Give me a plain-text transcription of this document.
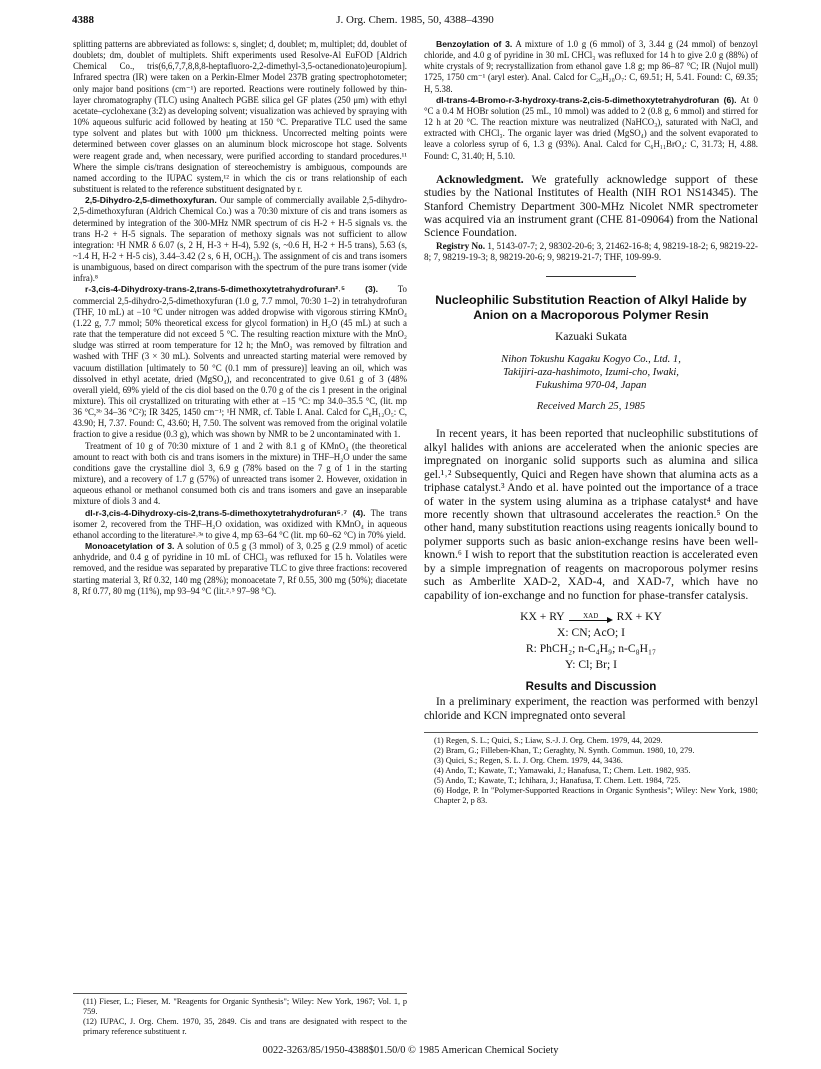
4388	J. Org. Chem. 1985, 50, 4388–4390

splitting patterns are abbreviated as follows: s, singlet; d, doublet; m, multiplet; dd, doublet of doublets; dm, doublet of multiplets. Shift experiments used Resolve-Al EuFOD [Aldrich Chemical Co., tris(6,6,7,7,8,8,8-heptafluoro-2,2-dimethyl-3,5-octanedionato)europium]. Infrared spectra (IR) were taken on a Perkin-Elmer Model 237B grating spectrophotometer; only major band positions (cm⁻¹) are reported. Reactions were routinely followed by thin-layer chromatography (TLC) using Analtech PGBE silica gel GF plates (250 μm) with ethyl acetate–cyclohexane (3:2) as developing solvent; visualization was achieved by spraying with 10% aqueous sulfuric acid followed by heating at 150 °C. Preparative TLC used the same type solvent and plates but with 1000 μm thickness. Uncorrected melting points were determined between cover glasses on an aluminum block microscope hot stage. Solvents were reagent grade and, when necessary, were purified according to standard procedures.¹¹ Where the simple cis/trans designation of stereochemistry is ambiguous, compounds are named according to the IUPAC system,¹² in which the cis or trans relationship of each substituent is related to the reference substituent designated by r.

2,5-Dihydro-2,5-dimethoxyfuran. Our sample of commercially available 2,5-dihydro-2,5-dimethoxyfuran (Aldrich Chemical Co.) was a 70:30 mixture of cis and trans isomers as determined by integration of the 300-MHz NMR spectrum of cis H-2 + H-5 signals vs. the trans H-2 + H-5 signals. The separation of methoxy signals was not sufficient to allow integration: ¹H NMR δ 6.07 (s, 2 H, H-3 + H-4), 5.92 (s, ~0.6 H, H-2 + H-5 trans), 5.63 (s, ~1.4 H, H-2 + H-5 cis), 3.44–3.42 (2 s, 6 H, OCH₃). The assignment of cis and trans isomers is unambiguous, based on direct comparison with the spectrum of the pure trans isomer (vide infra).⁸

r-3,cis-4-Dihydroxy-trans-2,trans-5-dimethoxytetrahydrofuran²˒⁵ (3). To commercial 2,5-dihydro-2,5-dimethoxyfuran (1.0 g, 7.7 mmol, 70:30 1–2) in tetrahydrofuran (THF, 10 mL) at −10 °C under nitrogen was added dropwise with vigorous stirring KMnO₄ (1.22 g, 7.7 mmol; 50% theoretical excess for glycol formation) in H₂O (45 mL) at such a rate that the temperature did not exceed 5 °C. The resulting reaction mixture with the MnO₂ sludge was stirred at room temperature for 12 h; the MnO₂ was removed by filtration and washed with THF (3 × 30 mL). Solvents and unreacted starting material were removed by vacuum distillation [ultimately to 50 °C (0.1 mm of pressure)] leaving an oil, which was dissolved in ethyl acetate, dried (MgSO₄), and reconcentrated to give 0.61 g of 3 (48% overall yield, 69% yield of the cis diol based on the 0.70 g of the cis 1 present in the original mixture). This oil crystallized on triturating with ether at −15 °C: mp 34.0–35.5 °C, (lit. mp 36 °C,³ᵇ 34–36 °C²); IR 3425, 1450 cm⁻¹; ¹H NMR, cf. Table I. Anal. Calcd for C₆H₁₂O₅: C, 43.90; H, 7.37. Found: C, 43.60; H, 7.50. The solvent was removed from the original volatile fraction to give a residue (0.3 g), which was shown by NMR to be 2 uncontaminated with 1.

Treatment of 10 g of 70:30 mixture of 1 and 2 with 8.1 g of KMnO₄ (the theoretical amount to react with both cis and trans isomers in the mixture) in THF–H₂O under the same conditions gave the crystalline diol 3, 6.9 g (78% based on the 7 g of 1 in the starting mixture), and a recovery of 1.7 g (57%) of unreacted trans isomer 2. However, oxidation in aqueous ethanol or methanol consumed both cis and trans isomers and gave an inseparable mixture of diols 3 and 4.

dl-r-3,cis-4-Dihydroxy-cis-2,trans-5-dimethoxytetrahydrofuran⁵˒⁷ (4). The trans isomer 2, recovered from the THF–H₂O oxidation, was oxidized with KMnO₄ in aqueous ethanol according to the literature²˒³ᵃ to give 4, mp 63–64 °C (lit. mp 60–62 °C) in 70% yield.

Monoacetylation of 3. A solution of 0.5 g (3 mmol) of 3, 0.25 g (2.9 mmol) of acetic anhydride, and 0.4 g of pyridine in 10 mL of CHCl₃ was refluxed for 15 h. Volatiles were removed, and the residue was separated by preparative TLC to give three fractions: recovered starting material 3, Rf 0.32, 140 mg (28%); monoacetate 7, Rf 0.55, 300 mg (50%); diacetate 8, Rf 0.77, 80 mg (11%), mp 93–94 °C (lit.²˒⁵ 97–98 °C).

(11) Fieser, L.; Fieser, M. "Reagents for Organic Synthesis"; Wiley: New York, 1967; Vol. 1, p 759.
(12) IUPAC, J. Org. Chem. 1970, 35, 2849. Cis and trans are designated with respect to the primary reference substituent r.

Benzoylation of 3. A mixture of 1.0 g (6 mmol) of 3, 3.44 g (24 mmol) of benzoyl chloride, and 4.0 g of pyridine in 30 mL CHCl₃ was refluxed for 14 h to give 2.0 g (88%) of white crystals of 9; recrystallization from ethanol gave 1.8 g; mp 86–87 °C; IR (Nujol mull) 1725, 1750 cm⁻¹ (aryl ester). Anal. Calcd for C₂₀H₂₀O₇: C, 69.51; H, 5.41. Found: C, 69.35; H, 5.38.

dl-trans-4-Bromo-r-3-hydroxy-trans-2,cis-5-dimethoxytetrahydrofuran (6). At 0 °C a 0.4 M HOBr solution (25 mL, 10 mmol) was added to 2 (0.8 g, 6 mmol) and stirred for 12 h at 20 °C. The reaction mixture was neutralized (NaHCO₃), saturated with NaCl, and extracted with CHCl₃. The organic layer was dried (MgSO₄) and the solvent evaporated to leave a colorless syrup of 6, 1.3 g (93%). Anal. Calcd for C₆H₁₁BrO₄: C, 31.73; H, 4.88. Found: C, 31.40; H, 5.10.

Acknowledgment. We gratefully acknowledge support of these studies by the National Institutes of Health (NIH RO1 NS14345). The Stanford Chemistry Department 300-MHz Nicolet NMR spectrometer was acquired via an instrument grant (CHE 81-09064) from the National Science Foundation.

Registry No. 1, 5143-07-7; 2, 98302-20-6; 3, 21462-16-8; 4, 98219-18-2; 6, 98219-22-8; 7, 98219-19-3; 8, 98219-20-6; 9, 98219-21-7; THF, 109-99-9.

Nucleophilic Substitution Reaction of Alkyl Halide by Anion on a Macroporous Polymer Resin
Kazuaki Sukata
Nihon Tokushu Kagaku Kogyo Co., Ltd. 1,
Takijiri-aza-hashimoto, Izumi-cho, Iwaki,
Fukushima 970-04, Japan
Received March 25, 1985

In recent years, it has been reported that nucleophilic substitutions of alkyl halides with anions are accelerated when the anionic species are impregnated on inorganic solid supports such as alumina and silica gel.¹˒² Subsequently, Quici and Regen have shown that alumina acts as a triphase catalyst.³ Ando et al. have pointed out the importance of a trace of water in the system using alumina as a triphase catalyst⁴ and have more recently shown that ultrasound accelerates the reaction.⁵ On the other hand, many substitution reactions using reagents ionically bound to polymer supports such as basic anion-exchange resins have been well-known.⁶ I wish to report that the substitution reaction is accelerated even by a simple impregnation of reagents on macroporous polymer resins such as Amberlite XAD-2, XAD-4, and XAD-7, which have no capability of ion-exchange and no function for phase-transfer catalysis.

KX + RY	XAD	RX + KY
X: CN; AcO; I
R: PhCH₂; n-C₄H₉; n-C₈H₁₇
Y: Cl; Br; I
Results and Discussion

In a preliminary experiment, the reaction was performed with benzyl chloride and KCN impregnated onto several

(1) Regen, S. L.; Quici, S.; Liaw, S.-J. J. Org. Chem. 1979, 44, 2029.

(2) Bram, G.; Filleben-Khan, T.; Geraghty, N. Synth. Commun. 1980, 10, 279.

(3) Quici, S.; Regen, S. L. J. Org. Chem. 1979, 44, 3436.

(4) Ando, T.; Kawate, T.; Yamawaki, J.; Hanafusa, T.; Chem. Lett. 1982, 935.

(5) Ando, T.; Kawate, T.; Ichihara, J.; Hanafusa, T. Chem. Lett. 1984, 725.

(6) Hodge, P. In "Polymer-Supported Reactions in Organic Synthesis"; Wiley: New York, 1980; Chapter 2, p 83.

0022-3263/85/1950-4388$01.50/0 © 1985 American Chemical Society
